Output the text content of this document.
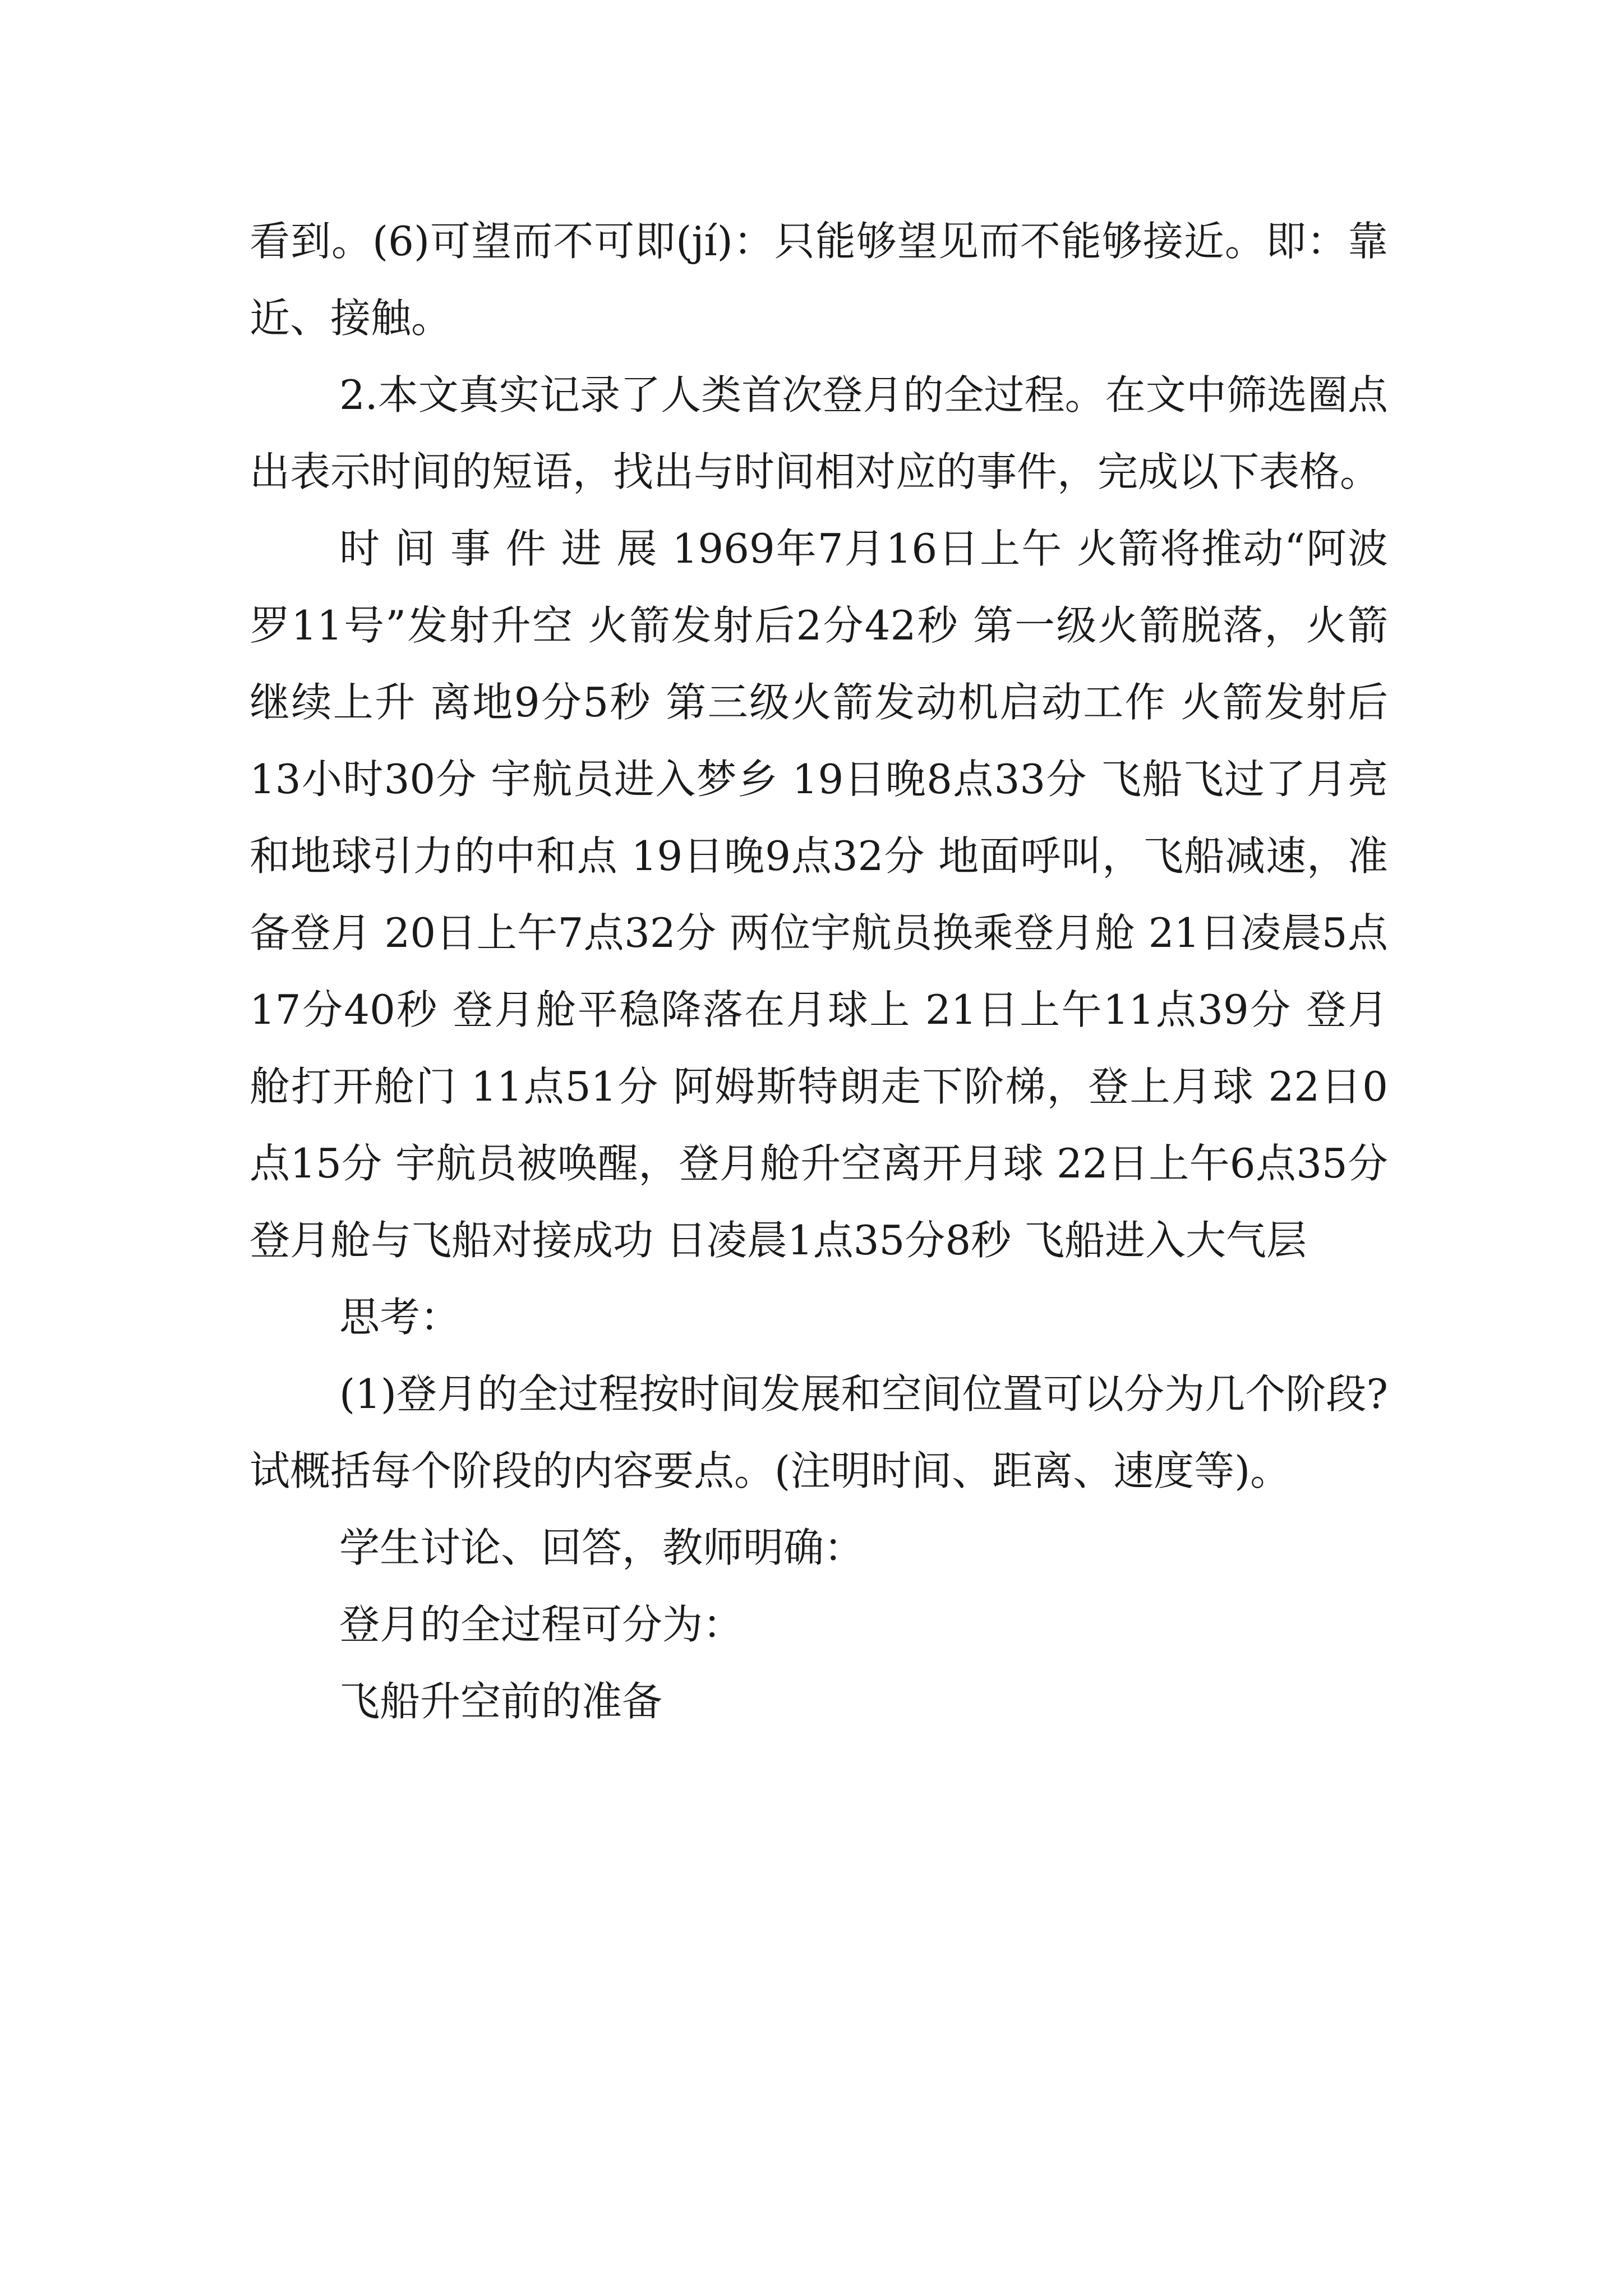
看到。(6)可望而不可即(jí)：只能够望见而不能够接近。即：靠近、接触。

2.本文真实记录了人类首次登月的全过程。在文中筛选圈点出表示时间的短语，找出与时间相对应的事件，完成以下表格。

时 间 事 件 进 展 1969年7月16日上午 火箭将推动“阿波罗11号”发射升空 火箭发射后2分42秒 第一级火箭脱落，火箭继续上升 离地9分5秒 第三级火箭发动机启动工作 火箭发射后13小时30分 宇航员进入梦乡 19日晚8点33分 飞船飞过了月亮和地球引力的中和点 19日晚9点32分 地面呼叫，飞船减速，准备登月 20日上午7点32分 两位宇航员换乘登月舱 21日凌晨5点17分40秒 登月舱平稳降落在月球上 21日上午11点39分 登月舱打开舱门 11点51分 阿姆斯特朗走下阶梯，登上月球 22日0点15分 宇航员被唤醒，登月舱升空离开月球 22日上午6点35分 登月舱与飞船对接成功 日凌晨1点35分8秒 飞船进入大气层

思考：

(1)登月的全过程按时间发展和空间位置可以分为几个阶段?试概括每个阶段的内容要点。(注明时间、距离、速度等)。

学生讨论、回答，教师明确：

登月的全过程可分为：

飞船升空前的准备
